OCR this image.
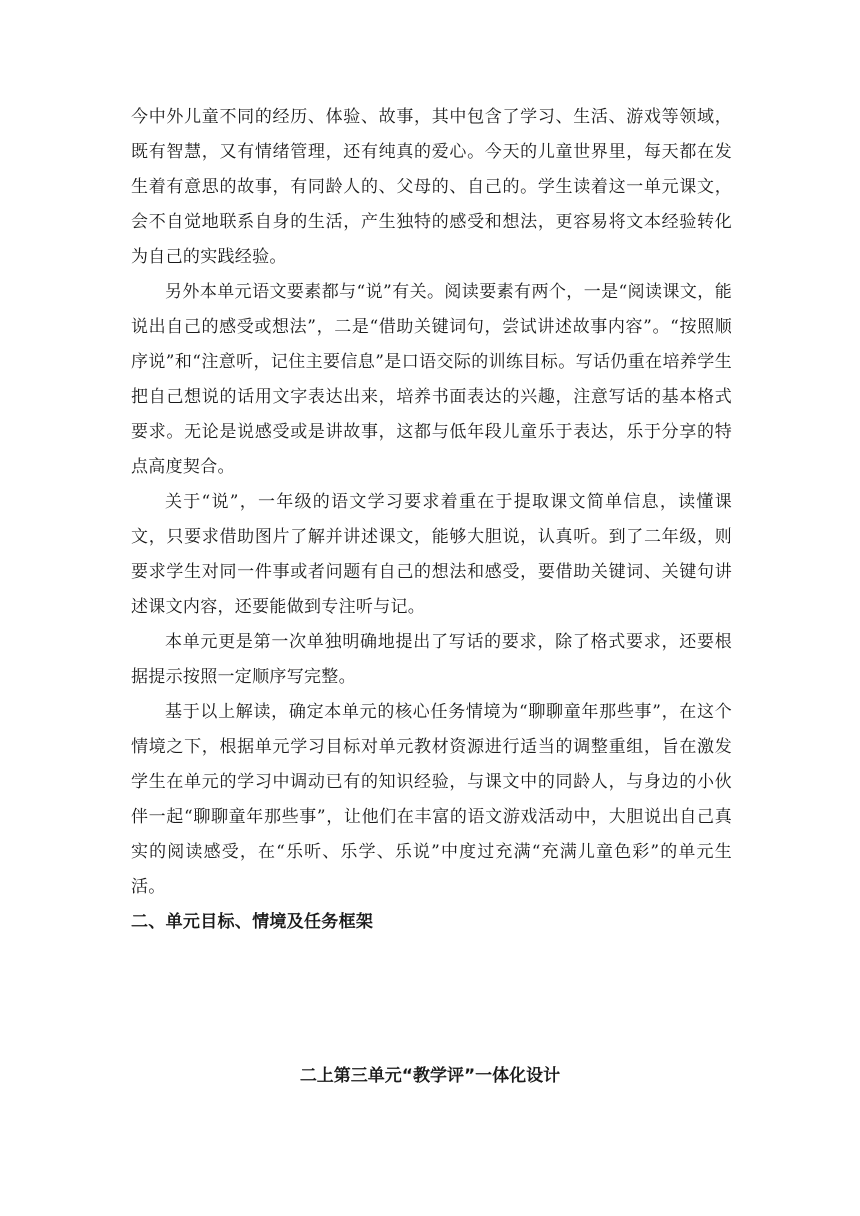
今中外儿童不同的经历、体验、故事，其中包含了学习、生活、游戏等领域，既有智慧，又有情绪管理，还有纯真的爱心。今天的儿童世界里，每天都在发生着有意思的故事，有同龄人的、父母的、自己的。学生读着这一单元课文，会不自觉地联系自身的生活，产生独特的感受和想法，更容易将文本经验转化为自己的实践经验。

另外本单元语文要素都与“说”有关。阅读要素有两个，一是“阅读课文，能说出自己的感受或想法”，二是“借助关键词句，尝试讲述故事内容”。“按照顺序说”和“注意听，记住主要信息”是口语交际的训练目标。写话仍重在培养学生把自己想说的话用文字表达出来，培养书面表达的兴趣，注意写话的基本格式要求。无论是说感受或是讲故事，这都与低年段儿童乐于表达，乐于分享的特点高度契合。

关于“说”，一年级的语文学习要求着重在于提取课文简单信息，读懂课文，只要求借助图片了解并讲述课文，能够大胆说，认真听。到了二年级，则要求学生对同一件事或者问题有自己的想法和感受，要借助关键词、关键句讲述课文内容，还要能做到专注听与记。

本单元更是第一次单独明确地提出了写话的要求，除了格式要求，还要根据提示按照一定顺序写完整。

基于以上解读，确定本单元的核心任务情境为“聊聊童年那些事”，在这个情境之下，根据单元学习目标对单元教材资源进行适当的调整重组，旨在激发学生在单元的学习中调动已有的知识经验，与课文中的同龄人，与身边的小伙伴一起“聊聊童年那些事”，让他们在丰富的语文游戏活动中，大胆说出自己真实的阅读感受，在“乐听、乐学、乐说”中度过充满“充满儿童色彩”的单元生活。

二、单元目标、情境及任务框架
二上第三单元“教学评”一体化设计
